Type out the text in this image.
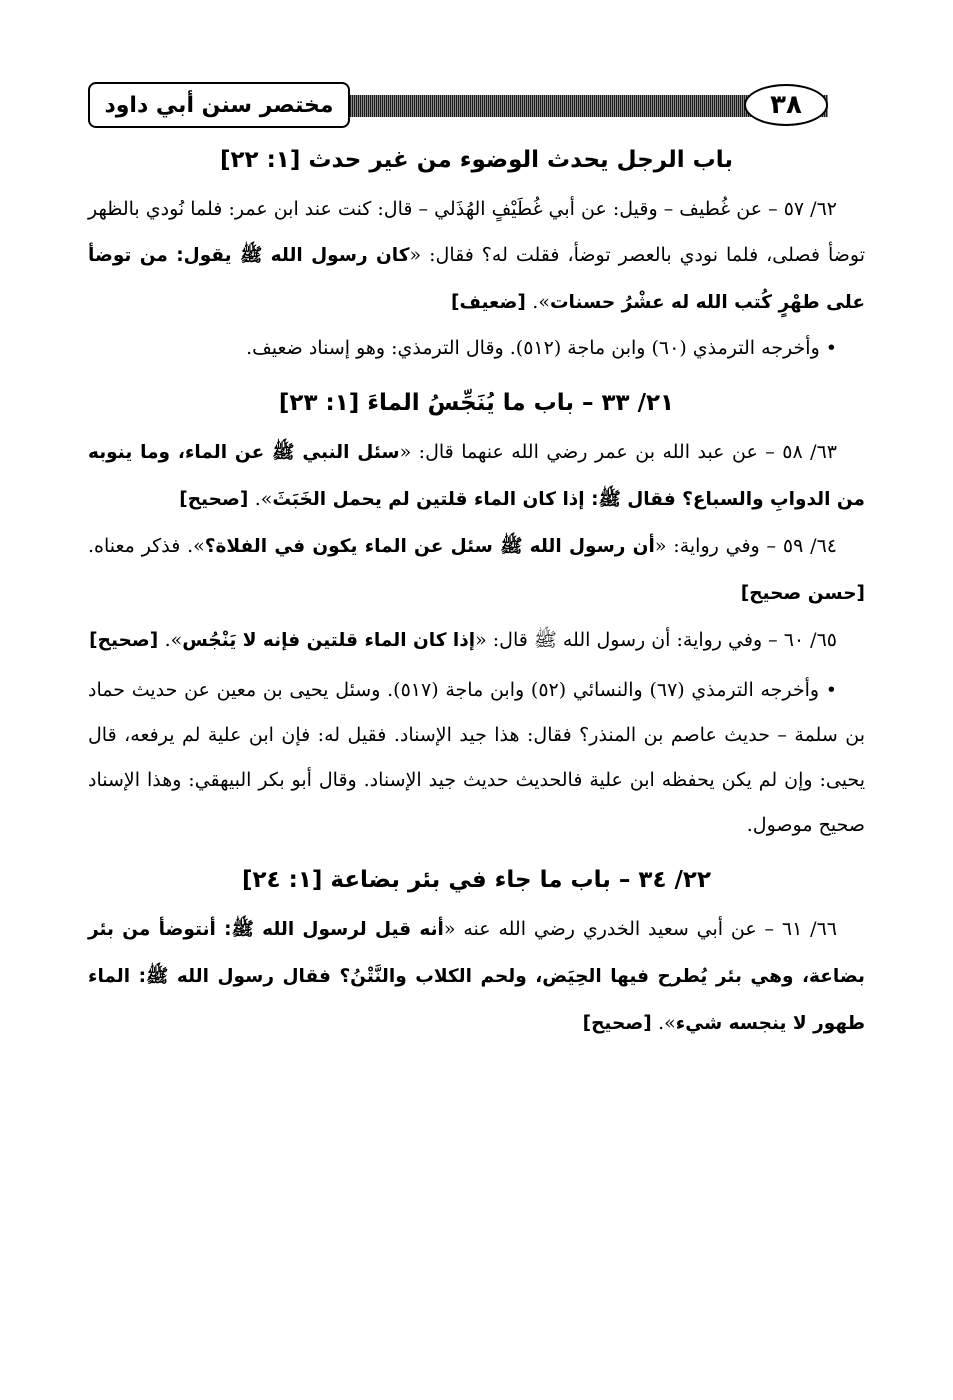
مختصر سنن أبي داود	٣٨

باب الرجل يحدث الوضوء من غير حدث [١: ٢٢]

٦٢/ ٥٧ – عن غُطيف – وقيل: عن أبي غُطَيْفٍ الهُذَلي – قال: كنت عند ابن عمر: فلما نُودي بالظهر توضأ فصلى، فلما نودي بالعصر توضأ، فقلت له؟ فقال: «كان رسول الله ﷺ يقول: من توضأ على طهْرٍ كُتب الله له عشْرُ حسنات». [ضعيف]

• وأخرجه الترمذي (٦٠) وابن ماجة (٥١٢). وقال الترمذي: وهو إسناد ضعيف.

٢١/ ٣٣ – باب ما يُنَجِّسُ الماءَ [١: ٢٣]

٦٣/ ٥٨ – عن عبد الله بن عمر رضي الله عنهما قال: «سئل النبي ﷺ عن الماء، وما ينوبه من الدوابِ والسباع؟ فقال ﷺ: إذا كان الماء قلتين لم يحمل الخَبَثَ». [صحيح]

٦٤/ ٥٩ – وفي رواية: «أن رسول الله ﷺ سئل عن الماء يكون في الفلاة؟». فذكر معناه. [حسن صحيح]

٦٥/ ٦٠ – وفي رواية: أن رسول الله ﷺ قال: «إذا كان الماء قلتين فإنه لا يَنْجُس». [صحيح]

• وأخرجه الترمذي (٦٧) والنسائي (٥٢) وابن ماجة (٥١٧). وسئل يحيى بن معين عن حديث حماد بن سلمة – حديث عاصم بن المنذر؟ فقال: هذا جيد الإسناد. فقيل له: فإن ابن علية لم يرفعه، قال يحيى: وإن لم يكن يحفظه ابن علية فالحديث حديث جيد الإسناد. وقال أبو بكر البيهقي: وهذا الإسناد صحيح موصول.

٢٢/ ٣٤ – باب ما جاء في بئر بضاعة [١: ٢٤]

٦٦/ ٦١ – عن أبي سعيد الخدري رضي الله عنه «أنه قيل لرسول الله ﷺ: أنتوضأ من بئر بضاعة، وهي بئر يُطرح فيها الحِيَض، ولحم الكلاب والنَّتْنُ؟ فقال رسول الله ﷺ: الماء طهور لا ينجسه شيء». [صحيح]
